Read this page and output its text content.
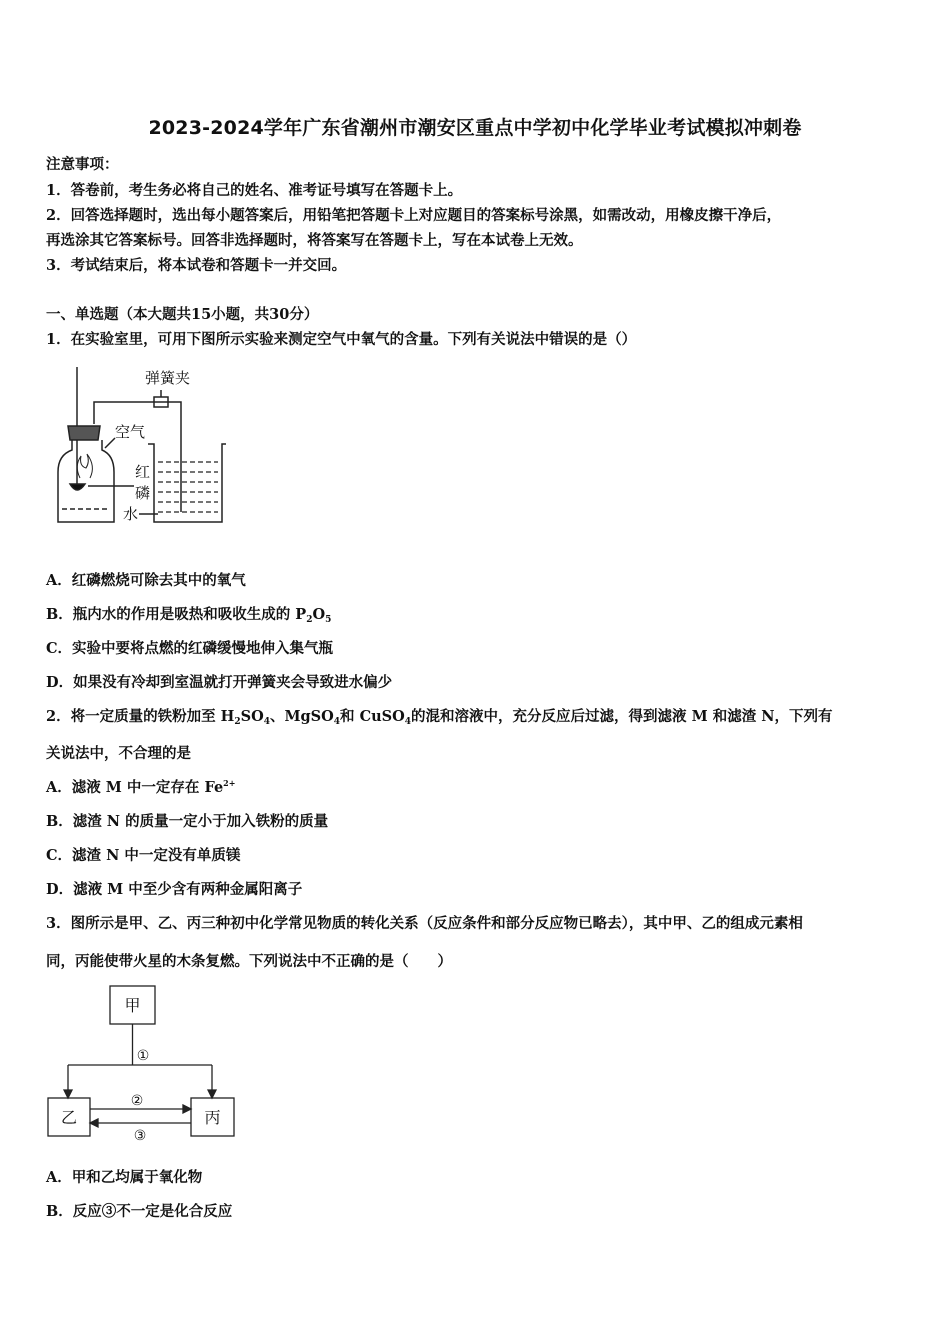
2023-2024学年广东省潮州市潮安区重点中学初中化学毕业考试模拟冲刺卷
注意事项：
1．答卷前，考生务必将自己的姓名、准考证号填写在答题卡上。
2．回答选择题时，选出每小题答案后，用铅笔把答题卡上对应题目的答案标号涂黑，如需改动，用橡皮擦干净后，
再选涂其它答案标号。回答非选择题时，将答案写在答题卡上，写在本试卷上无效。
3．考试结束后，将本试卷和答题卡一并交回。
一、单选题（本大题共15小题，共30分）
1．在实验室里，可用下图所示实验来测定空气中氧气的含量。下列有关说法中错误的是（）
弹簧夹
空气
红
磷
水
A．红磷燃烧可除去其中的氧气
B．瓶内水的作用是吸热和吸收生成的 $P_2O_5$
C．实验中要将点燃的红磷缓慢地伸入集气瓶
D．如果没有冷却到室温就打开弹簧夹会导致进水偏少
2．将一定质量的铁粉加至 $H_2SO_4$、MgSO$_4$和 CuSO$_4$的混和溶液中，充分反应后过滤，得到滤液 M 和滤渣 N，下列有
关说法中，不合理的是
A．滤液 M 中一定存在 $Fe^{2+}$
B．滤渣 N 的质量一定小于加入铁粉的质量
C．滤渣 N 中一定没有单质镁
D．滤液 M 中至少含有两种金属阳离子
3．图所示是甲、乙、丙三种初中化学常见物质的转化关系（反应条件和部分反应物已略去），其中甲、乙的组成元素相
同，丙能使带火星的木条复燃。下列说法中不正确的是（　　）
甲
①
乙	丙
②
③
A．甲和乙均属于氧化物
B．反应③不一定是化合反应
